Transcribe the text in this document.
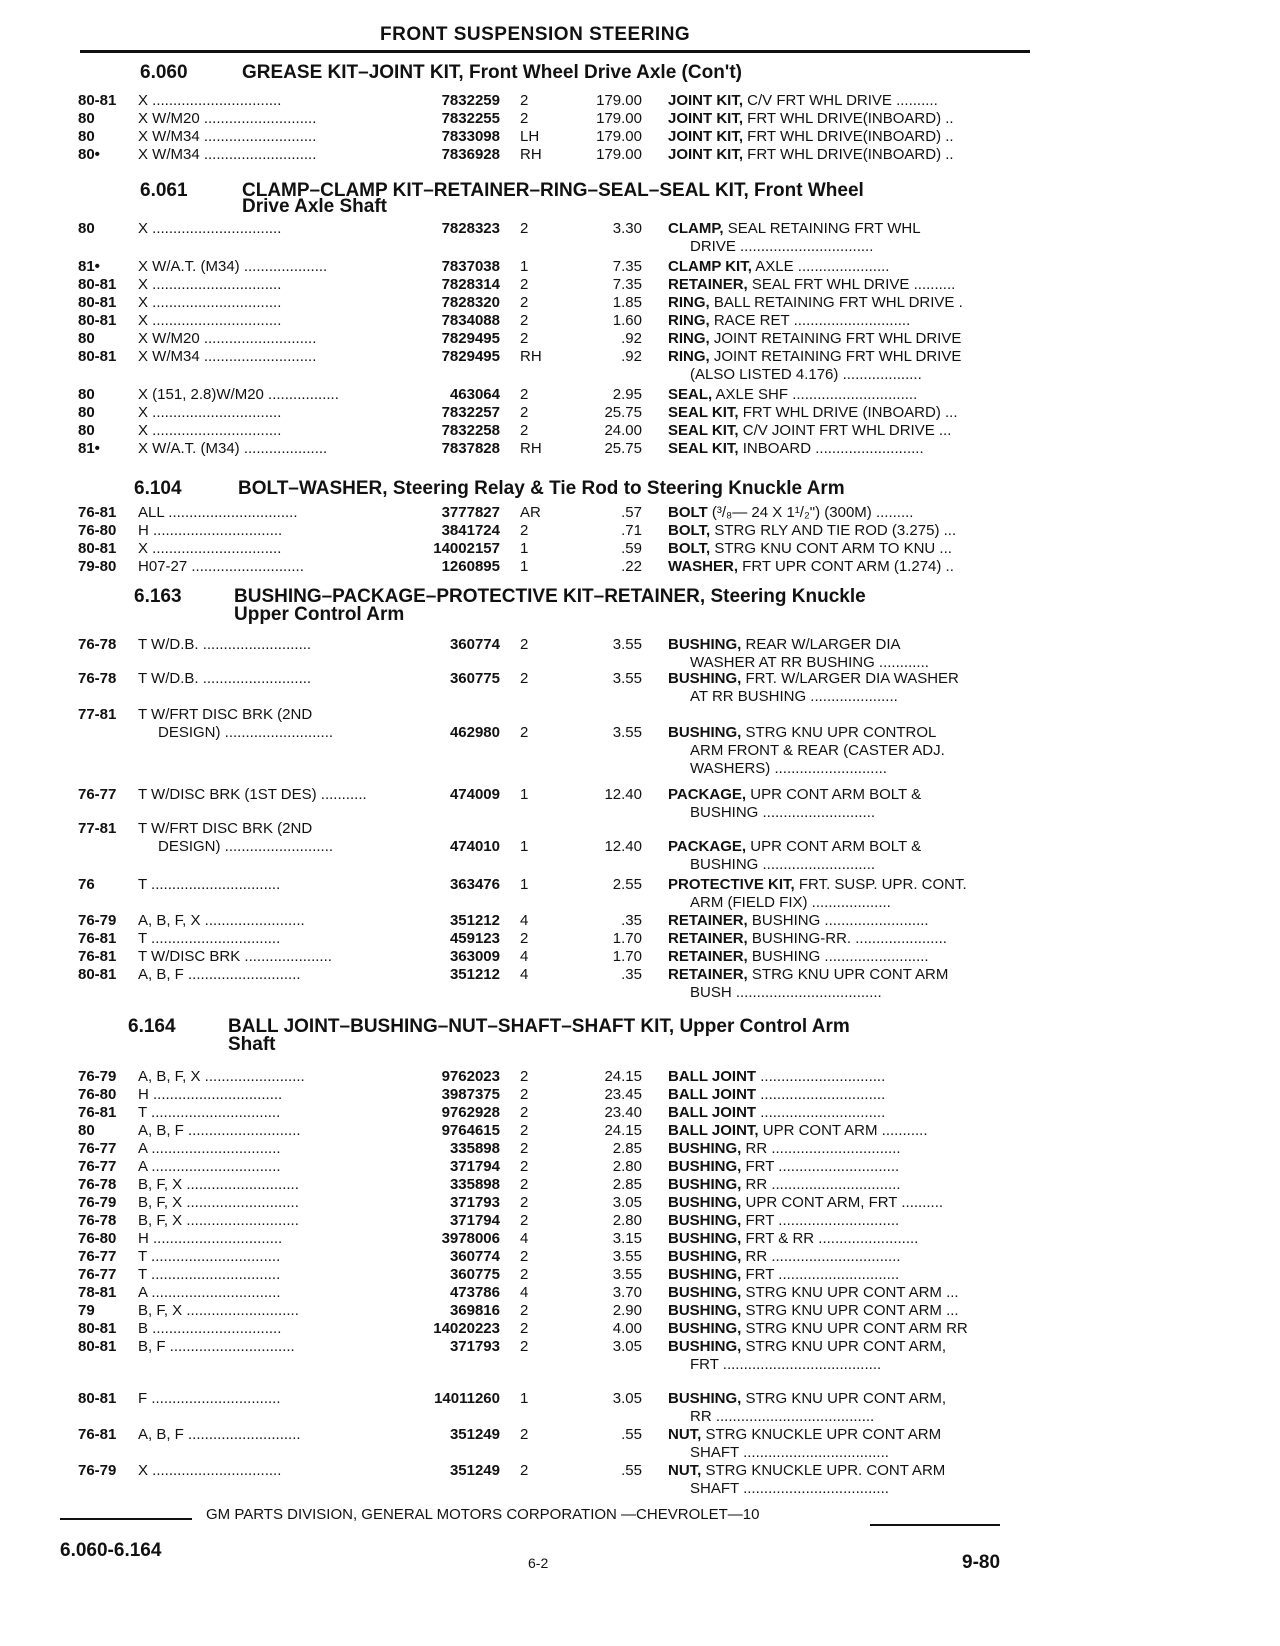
FRONT SUSPENSION STEERING
6.060	GREASE KIT–JOINT KIT, Front Wheel Drive Axle (Con't)
80-81 X ...............................	7832259 2	179.00 JOINT KIT, C/V FRT WHL DRIVE ..........
80	X W/M20 ...........................	7832255 2	179.00 JOINT KIT, FRT WHL DRIVE(INBOARD) ..
80	X W/M34 ...........................	7833098 LH	179.00 JOINT KIT, FRT WHL DRIVE(INBOARD) ..
80•	X W/M34 ...........................	7836928 RH	179.00 JOINT KIT, FRT WHL DRIVE(INBOARD) ..
6.061	CLAMP–CLAMP KIT–RETAINER–RING–SEAL–SEAL KIT, Front Wheel
Drive Axle Shaft
80	X ...............................	7828323 2	3.30 CLAMP, SEAL RETAINING FRT WHL
DRIVE ................................
81•	X W/A.T. (M34) ....................	7837038 1	7.35 CLAMP KIT, AXLE ......................
80-81 X ...............................	7828314 2	7.35 RETAINER, SEAL FRT WHL DRIVE ..........
80-81 X ...............................	7828320 2	1.85 RING, BALL RETAINING FRT WHL DRIVE .
80-81 X ...............................	7834088 2	1.60 RING, RACE RET ............................
80	X W/M20 ...........................	7829495 2	.92 RING, JOINT RETAINING FRT WHL DRIVE
80-81 X W/M34 ...........................	7829495 RH	.92 RING, JOINT RETAINING FRT WHL DRIVE
(ALSO LISTED 4.176) ...................
80	X (151, 2.8)W/M20 .................	463064 2	2.95 SEAL, AXLE SHF ..............................
80	X ...............................	7832257 2	25.75 SEAL KIT, FRT WHL DRIVE (INBOARD) ...
80	X ...............................	7832258 2	24.00 SEAL KIT, C/V JOINT FRT WHL DRIVE ...
81•	X W/A.T. (M34) ....................	7837828 RH	25.75 SEAL KIT, INBOARD ..........................
6.104	BOLT–WASHER, Steering Relay & Tie Rod to Steering Knuckle Arm
76-81 ALL ...............................	3777827 AR	.57 BOLT (³/₈— 24 X 1¹/₂") (300M) .........
76-80 H ...............................	3841724 2	.71 BOLT, STRG RLY AND TIE ROD (3.275) ...
80-81 X ...............................	14002157 1	.59 BOLT, STRG KNU CONT ARM TO KNU ...
79-80 H07-27 ...........................	1260895 1	.22 WASHER, FRT UPR CONT ARM (1.274) ..
6.163	BUSHING–PACKAGE–PROTECTIVE KIT–RETAINER, Steering Knuckle
Upper Control Arm
76-78 T W/D.B. ..........................	360774 2	3.55 BUSHING, REAR W/LARGER DIA
WASHER AT RR BUSHING ............
76-78 T W/D.B. ..........................	360775 2	3.55 BUSHING, FRT. W/LARGER DIA WASHER
AT RR BUSHING .....................
77-81 T W/FRT DISC BRK (2ND
DESIGN) ..........................	462980 2	3.55 BUSHING, STRG KNU UPR CONTROL
ARM FRONT & REAR (CASTER ADJ.
WASHERS) ...........................
76-77 T W/DISC BRK (1ST DES) ...........	474009 1	12.40 PACKAGE, UPR CONT ARM BOLT &
BUSHING ...........................
77-81 T W/FRT DISC BRK (2ND
DESIGN) ..........................	474010 1	12.40 PACKAGE, UPR CONT ARM BOLT &
BUSHING ...........................
76	T ...............................	363476 1	2.55 PROTECTIVE KIT, FRT. SUSP. UPR. CONT.
ARM (FIELD FIX) ...................
76-79 A, B, F, X ........................	351212 4	.35 RETAINER, BUSHING .........................
76-81 T ...............................	459123 2	1.70 RETAINER, BUSHING-RR. ......................
76-81 T W/DISC BRK .....................	363009 4	1.70 RETAINER, BUSHING .........................
80-81 A, B, F ...........................	351212 4	.35 RETAINER, STRG KNU UPR CONT ARM
BUSH ...................................
6.164	BALL JOINT–BUSHING–NUT–SHAFT–SHAFT KIT, Upper Control Arm
Shaft
76-79 A, B, F, X ........................	9762023 2	24.15 BALL JOINT ..............................
76-80 H ...............................	3987375 2	23.45 BALL JOINT ..............................
76-81 T ...............................	9762928 2	23.40 BALL JOINT ..............................
80	A, B, F ...........................	9764615 2	24.15 BALL JOINT, UPR CONT ARM ...........
76-77 A ...............................	335898 2	2.85 BUSHING, RR ...............................
76-77 A ...............................	371794 2	2.80 BUSHING, FRT .............................
76-78 B, F, X ...........................	335898 2	2.85 BUSHING, RR ...............................
76-79 B, F, X ...........................	371793 2	3.05 BUSHING, UPR CONT ARM, FRT ..........
76-78 B, F, X ...........................	371794 2	2.80 BUSHING, FRT .............................
76-80 H ...............................	3978006 4	3.15 BUSHING, FRT & RR ........................
76-77 T ...............................	360774 2	3.55 BUSHING, RR ...............................
76-77 T ...............................	360775 2	3.55 BUSHING, FRT .............................
78-81 A ...............................	473786 4	3.70 BUSHING, STRG KNU UPR CONT ARM ...
79	B, F, X ...........................	369816 2	2.90 BUSHING, STRG KNU UPR CONT ARM ...
80-81 B ...............................	14020223 2	4.00 BUSHING, STRG KNU UPR CONT ARM RR
80-81 B, F ..............................	371793 2	3.05 BUSHING, STRG KNU UPR CONT ARM,
FRT ......................................
80-81 F ...............................	14011260 1	3.05 BUSHING, STRG KNU UPR CONT ARM,
RR ......................................
76-81 A, B, F ...........................	351249 2	.55 NUT, STRG KNUCKLE UPR CONT ARM
SHAFT ...................................
76-79 X ...............................	351249 2	.55 NUT, STRG KNUCKLE UPR. CONT ARM
SHAFT ...................................
GM PARTS DIVISION, GENERAL MOTORS CORPORATION —CHEVROLET—10
6.060-6.164
6-2	9-80
